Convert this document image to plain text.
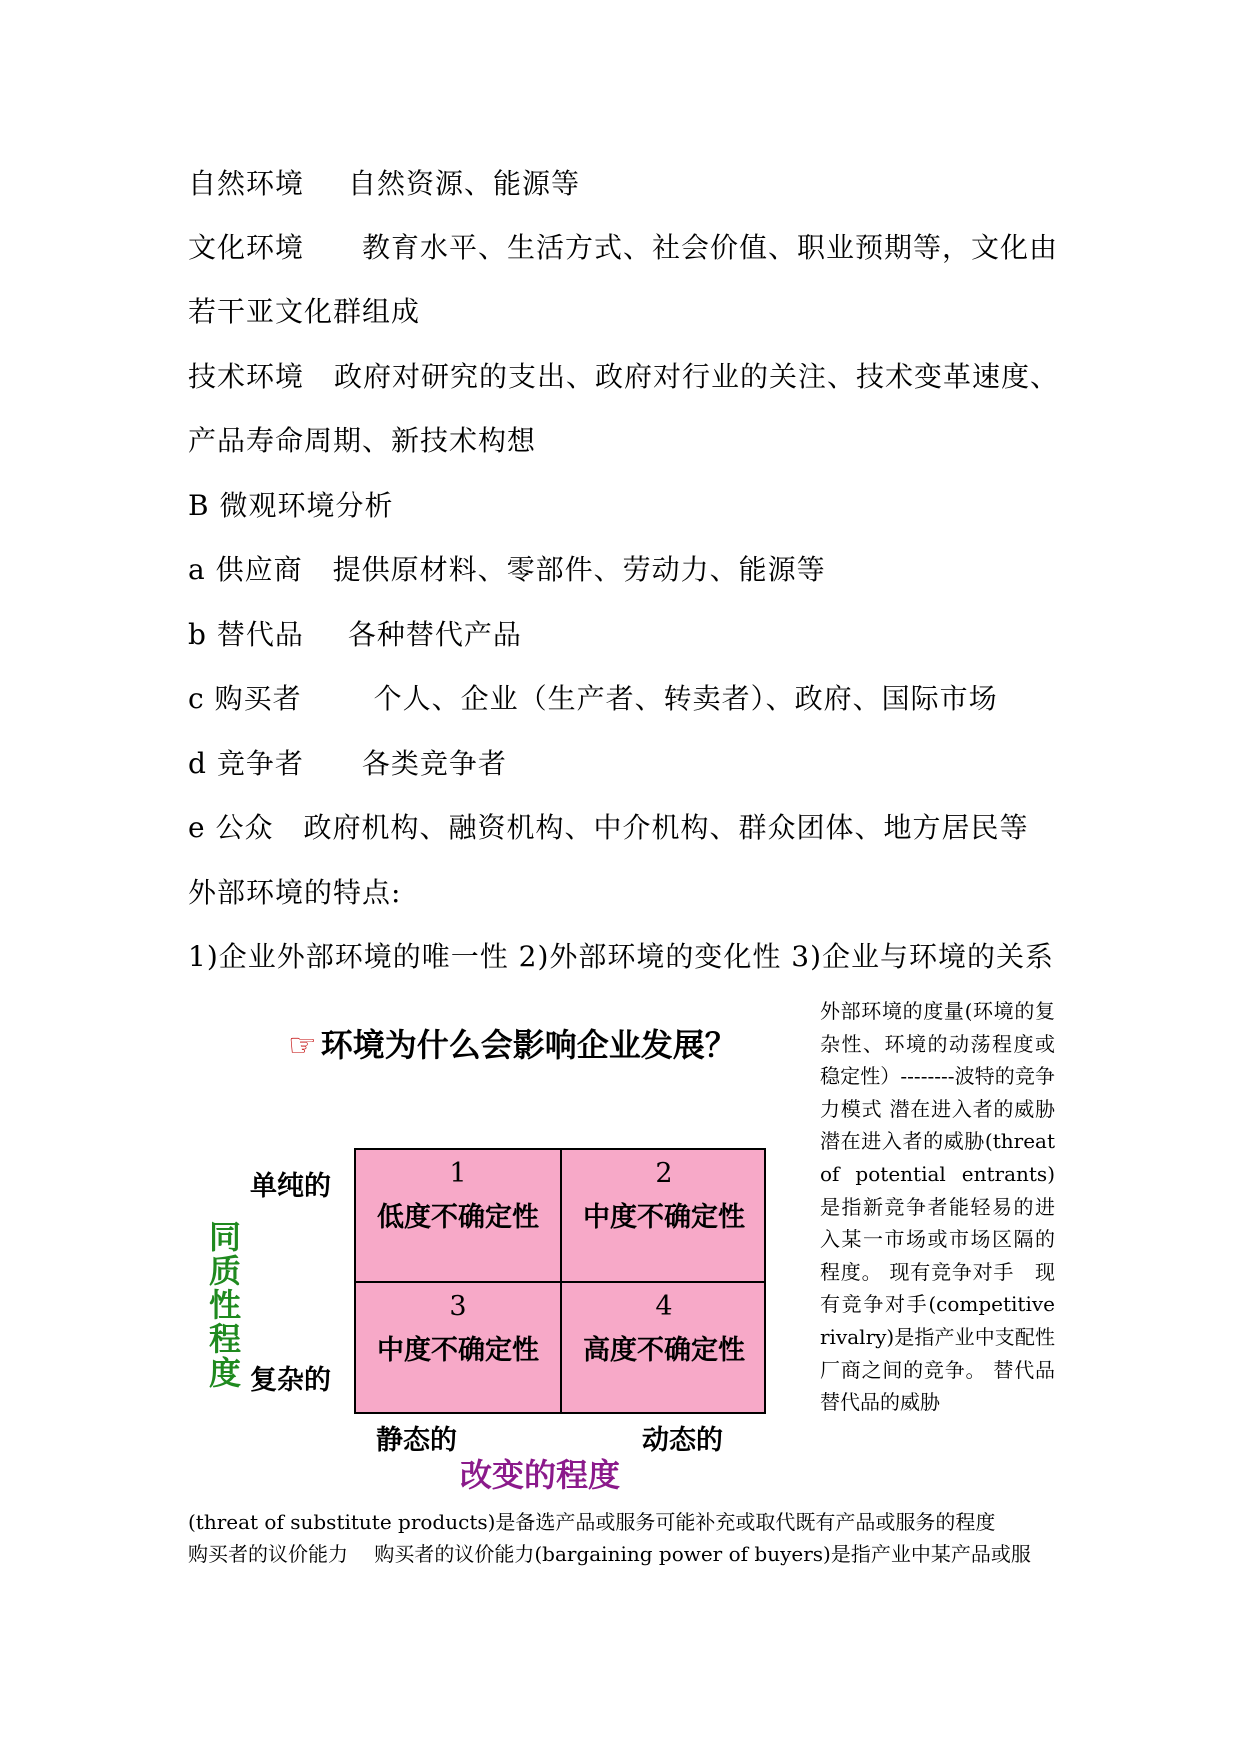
自然环境 自然资源、能源等
文化环境 教育水平、生活方式、社会价值、职业预期等，文化由
若干亚文化群组成
技术环境 政府对研究的支出、政府对行业的关注、技术变革速度、
产品寿命周期、新技术构想
B 微观环境分析
a 供应商 提供原材料、零部件、劳动力、能源等
b 替代品 各种替代产品
c 购买者	个人、企业（生产者、转卖者）、政府、国际市场
d 竞争者 各类竞争者
e 公众 政府机构、融资机构、中介机构、群众团体、地方居民等
外部环境的特点:
1)企业外部环境的唯一性 2)外部环境的变化性 3)企业与环境的关系
☞ 环境为什么会影响企业发展？
单纯的
复杂的
同
质
性
程
度
1
低度不确定性
2
中度不确定性
3
中度不确定性
4
高度不确定性
静态的	动态的
改变的程度

外部环境的度量(环境的复杂性、环境的动荡程度或稳定性）--------波特的竞争力模式 潜在进入者的威胁　 潜在进入者的威胁(threat of potential entrants)是指新竞争者能轻易的进入某一市场或市场区隔的程度。 现有竞争对手　现有竞争对手(competitive rivalry)是指产业中支配性厂商之间的竞争。 替代品　 替代品的威胁

(threat of substitute products)是备选产品或服务可能补充或取代既有产品或服务的程度
购买者的议价能力　 购买者的议价能力(bargaining power of buyers)是指产业中某产品或服
